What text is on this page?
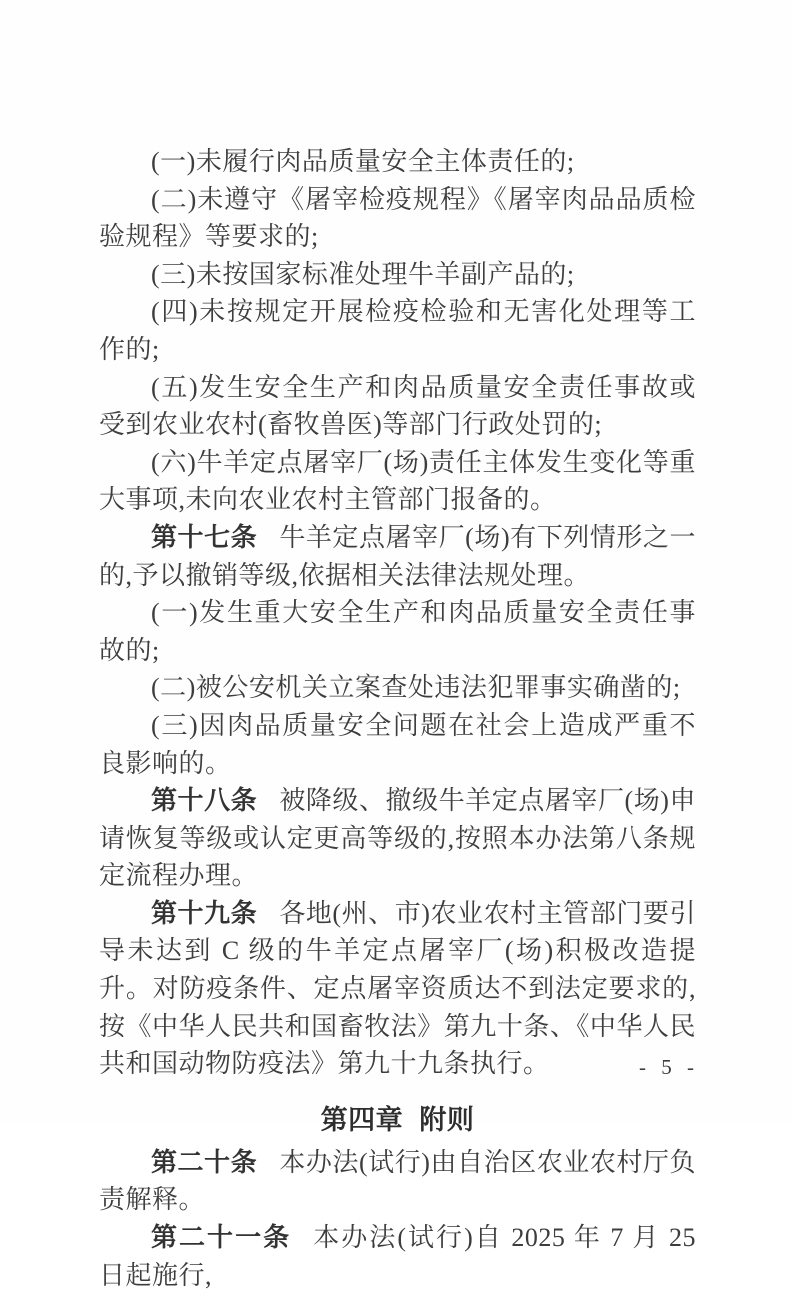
(一)未履行肉品质量安全主体责任的;

(二)未遵守《屠宰检疫规程》《屠宰肉品品质检验规程》等要求的;

(三)未按国家标准处理牛羊副产品的;

(四)未按规定开展检疫检验和无害化处理等工作的;

(五)发生安全生产和肉品质量安全责任事故或受到农业农村(畜牧兽医)等部门行政处罚的;

(六)牛羊定点屠宰厂(场)责任主体发生变化等重大事项,未向农业农村主管部门报备的。

第十七条 牛羊定点屠宰厂(场)有下列情形之一的,予以撤销等级,依据相关法律法规处理。

(一)发生重大安全生产和肉品质量安全责任事故的;

(二)被公安机关立案查处违法犯罪事实确凿的;

(三)因肉品质量安全问题在社会上造成严重不良影响的。

第十八条 被降级、撤级牛羊定点屠宰厂(场)申请恢复等级或认定更高等级的,按照本办法第八条规定流程办理。

第十九条 各地(州、市)农业农村主管部门要引导未达到 C 级的牛羊定点屠宰厂(场)积极改造提升。对防疫条件、定点屠宰资质达不到法定要求的,按《中华人民共和国畜牧法》第九十条、《中华人民共和国动物防疫法》第九十九条执行。

第四章 附则

第二十条 本办法(试行)由自治区农业农村厅负责解释。

第二十一条 本办法(试行)自 2025 年 7 月 25 日起施行,

- 5 -
